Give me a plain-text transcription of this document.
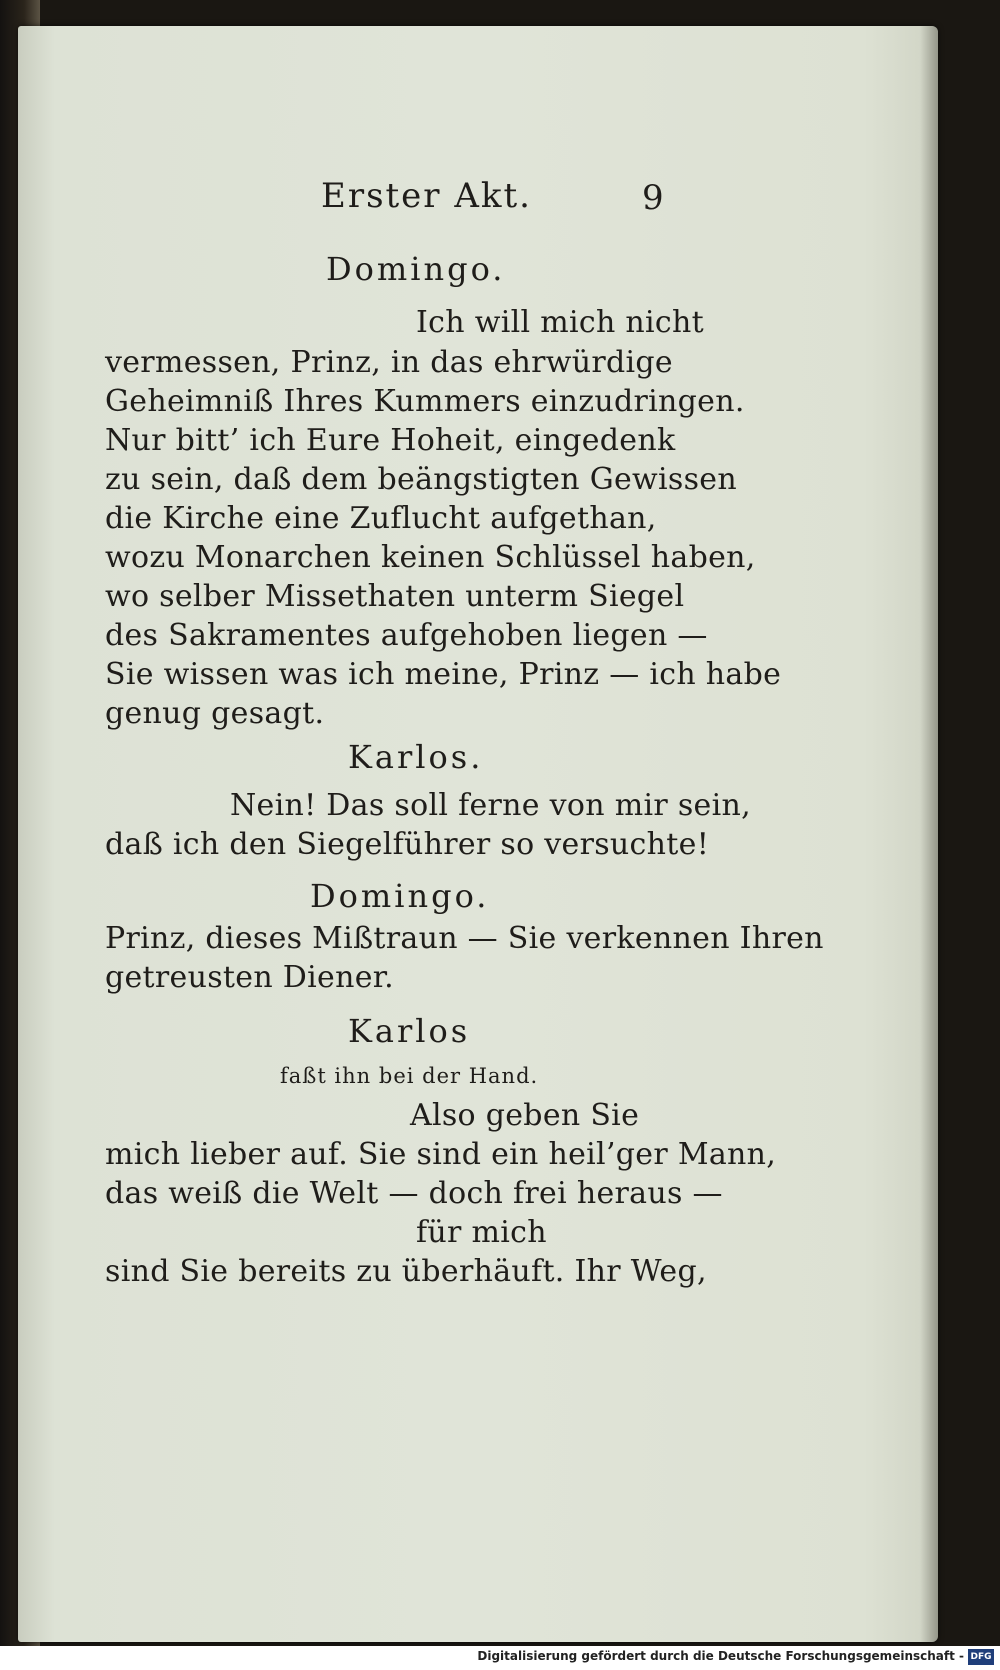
Erster Akt.	9
Domingo.
Ich will mich nicht
vermessen, Prinz, in das ehrwürdige
Geheimniß Ihres Kummers einzudringen.
Nur bitt’ ich Eure Hoheit, eingedenk
zu sein, daß dem beängstigten Gewissen
die Kirche eine Zuflucht aufgethan,
wozu Monarchen keinen Schlüssel haben,
wo selber Missethaten unterm Siegel
des Sakramentes aufgehoben liegen —
Sie wissen was ich meine, Prinz — ich habe
genug gesagt.
Karlos.
Nein! Das soll ferne von mir sein,
daß ich den Siegelführer so versuchte!
Domingo.
Prinz, dieses Mißtraun — Sie verkennen Ihren
getreusten Diener.
Karlos
faßt ihn bei der Hand.
Also geben Sie
mich lieber auf. Sie sind ein heil’ger Mann,
das weiß die Welt — doch frei heraus —
für mich
sind Sie bereits zu überhäuft. Ihr Weg,
Digitalisierung gefördert durch die Deutsche Forschungsgemeinschaft - DFG
